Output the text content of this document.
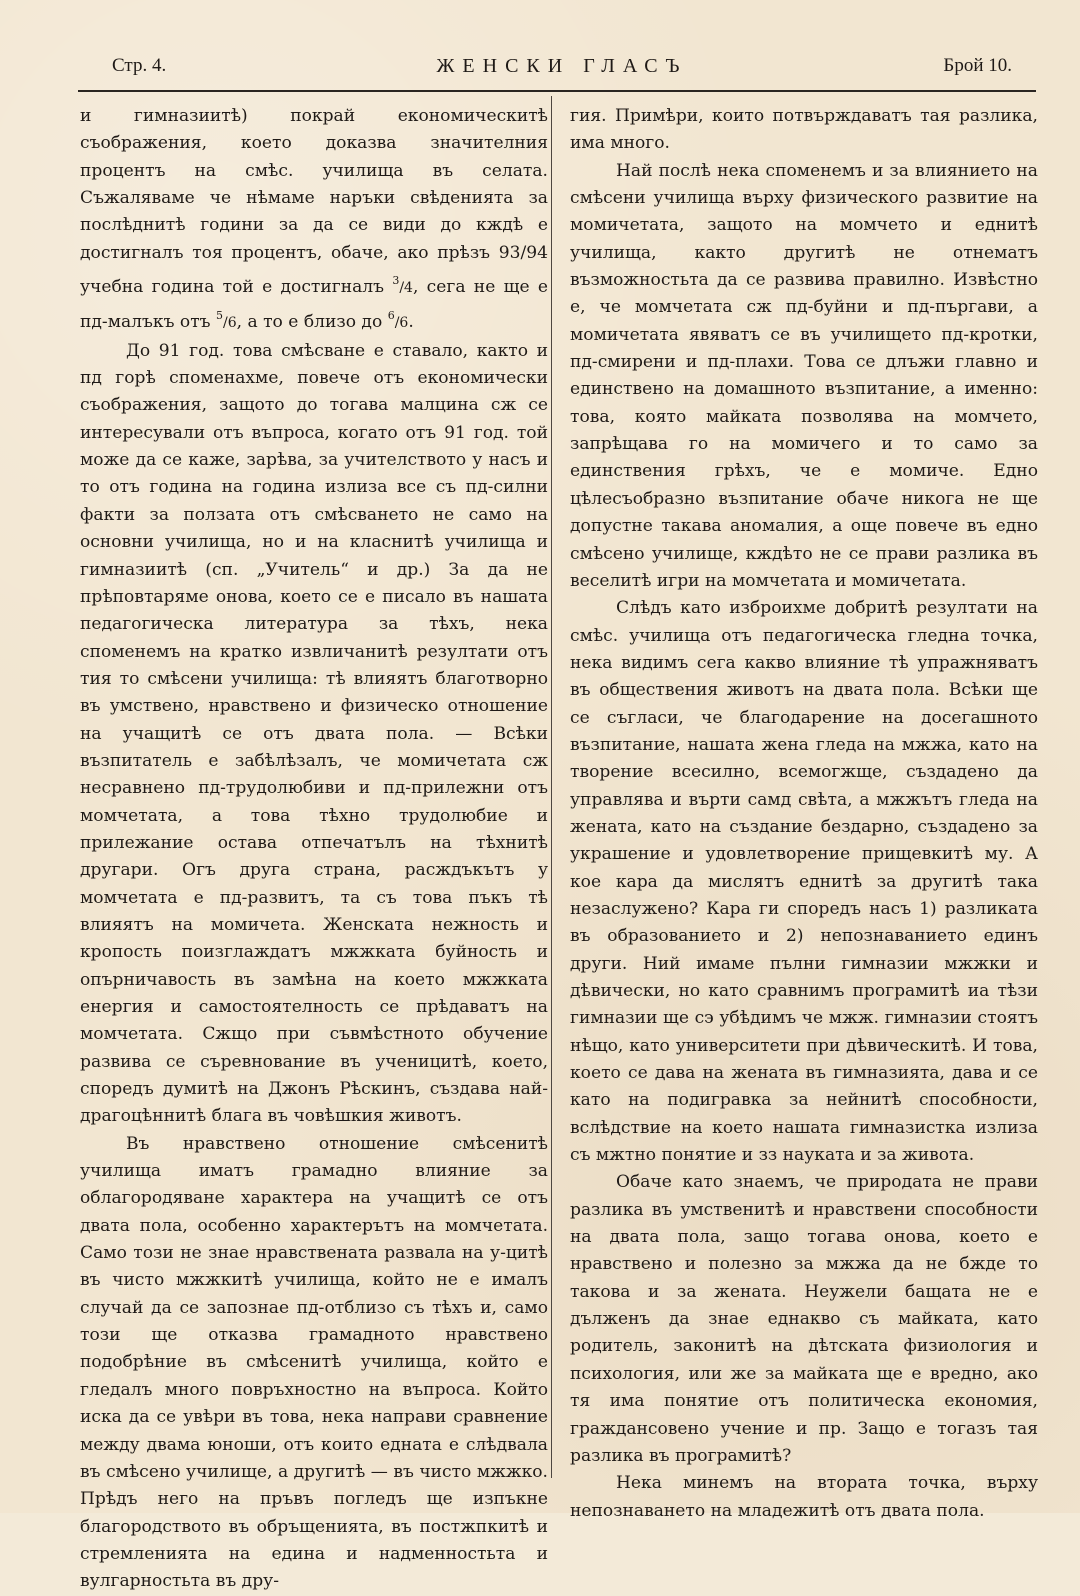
Стр. 4.	ЖЕНСКИ ГЛАСЪ	Брой 10.

и гимназиитѣ) покрай економическитѣ съображения, което доказва значителния процентъ на смѣс. училища въ селата. Съжаляваме че нѣмаме наръки свѣденията за послѣднитѣ години за да се види до кждѣ е достигналъ тоя процентъ, обаче, ако прѣзъ 93/94 учебна година той е достигналъ $^3$/4, сега не ще е пд-малъкъ отъ $^5$/6, а то е близо до $^6$/6.

До 91 год. това смѣсване е ставало, както и пд горѣ споменахме, повече отъ економически съображения, защото до тогава малцина сж се интересували отъ въпроса, когато отъ 91 год. той може да се каже, зарѣва, за учителството у насъ и то отъ година на година излиза все съ пд-силни факти за ползата отъ смѣсването не само на основни училища, но и на класнитѣ училища и гимназиитѣ (сп. „Учитель“ и др.) За да не прѣповтаряме онова, което се е писало въ нашата педагогическа литература за тѣхъ, нека споменемъ на кратко извличанитѣ резултати отъ тия то смѣсени училища: тѣ влияятъ благотворно въ умствено, нравствено и физическо отношение на учащитѣ се отъ двата пола. — Всѣки възпитатель е забѣлѣзалъ, че момичетата сж несравнено пд-трудолюбиви и пд-прилежни отъ момчетата, а това тѣхно трудолюбие и прилежание остава отпечатълъ на тѣхнитѣ другари. Огъ друга страна, расждъкътъ у момчетата е пд-развитъ, та съ това пъкъ тѣ влияятъ на момичета. Женската нежность и кропость поизглаждатъ мжжката буйность и опърничавость въ замѣна на което мжжката енергия и самостоятелность се прѣдаватъ на момчетата. Сжщо при съвмѣстното обучение развива се съревнование въ ученицитѣ, което, споредъ думитѣ на Джонъ Рѣскинъ, създава най-драгоцѣннитѣ блага въ човѣшкия животъ.

Въ нравствено отношение смѣсенитѣ училища иматъ грамадно влияние за облагородяване характера на учащитѣ се отъ двата пола, особенно характерътъ на момчетата. Само този не знае нравствената развала на у-цитѣ въ чисто мжжкитѣ училища, който не е ималъ случай да се запознае пд-отблизо съ тѣхъ и, само този ще отказва грамадното нравствено подобрѣние въ смѣсенитѣ училища, който е гледалъ много повръхностно на въпроса. Който иска да се увѣри въ това, нека направи сравнение между двама юноши, отъ които едната е слѣдвала въ смѣсено училище, а другитѣ — въ чисто мжжко. Прѣдъ него на пръвъ погледъ ще изпъкне благородството въ обръщенията, въ постжпкитѣ и стремленията на едина и надменностьта и вулгарностьта въ дру-

гия. Примѣри, които потвърждаватъ тая разлика, има много.

Най послѣ нека споменемъ и за влиянието на смѣсени училища върху физического развитие на момичетата, защото на момчето и еднитѣ училища, както другитѣ не отнематъ възможностьта да се развива правилно. Извѣстно е, че момчетата сж пд-буйни и пд-пъргави, а момичетата явяватъ се въ училището пд-кротки, пд-смирени и пд-плахи. Това се длъжи главно и единствено на домашното възпитание, а именно: това, която майката позволява на момчето, запрѣщава го на момичего и то само за единствения грѣхъ, че е момиче. Едно цѣлесъобразно възпитание обаче никога не ще допустне такава аномалия, а още повече въ едно смѣсено училище, кждѣто не се прави разлика въ веселитѣ игри на момчетата и момичетата.

Слѣдъ като изброихме добритѣ резултати на смѣс. училища отъ педагогическа гледна точка, нека видимъ сега какво влияние тѣ упражняватъ въ обществения животъ на двата пола. Всѣки ще се съгласи, че благодарение на досегашното възпитание, нашата жена гледа на мжжа, като на творение всесилно, всемогжще, създадено да управлява и върти самд свѣта, а мжжътъ гледа на жената, като на създание бездарно, създадено за украшение и удовлетворение прищевкитѣ му. А кое кара да мислятъ еднитѣ за другитѣ така незаслужено? Кара ги споредъ насъ 1) разликата въ образованието и 2) непознаванието единъ други. Ний имаме пълни гимназии мжжки и дѣвически, но като сравнимъ програмитѣ иа тѣзи гимназии ще сэ убѣдимъ че мжж. гимназии стоятъ нѣщо, като университети при дѣвическитѣ. И това, което се дава на жената въ гимназията, дава и се като на подигравка за нейнитѣ способности, вслѣдствие на което нашата гимназистка излиза съ мжтно понятие и зз науката и за живота.

Обаче като знаемъ, че природата не прави разлика въ умственитѣ и нравствени способности на двата пола, защо тогава онова, което е нравствено и полезно за мжжа да не бжде то такова и за жената. Неужели бащата не е дълженъ да знае еднакво съ майката, като родитель, законитѣ на дѣтската физиология и психология, или же за майката ще е вредно, ако тя има понятие отъ политическа економия, граждансовено учение и пр. Защо е тогазъ тая разлика въ програмитѣ?

Нека минемъ на втората точка, върху непознаването на младежитѣ отъ двата пола.
